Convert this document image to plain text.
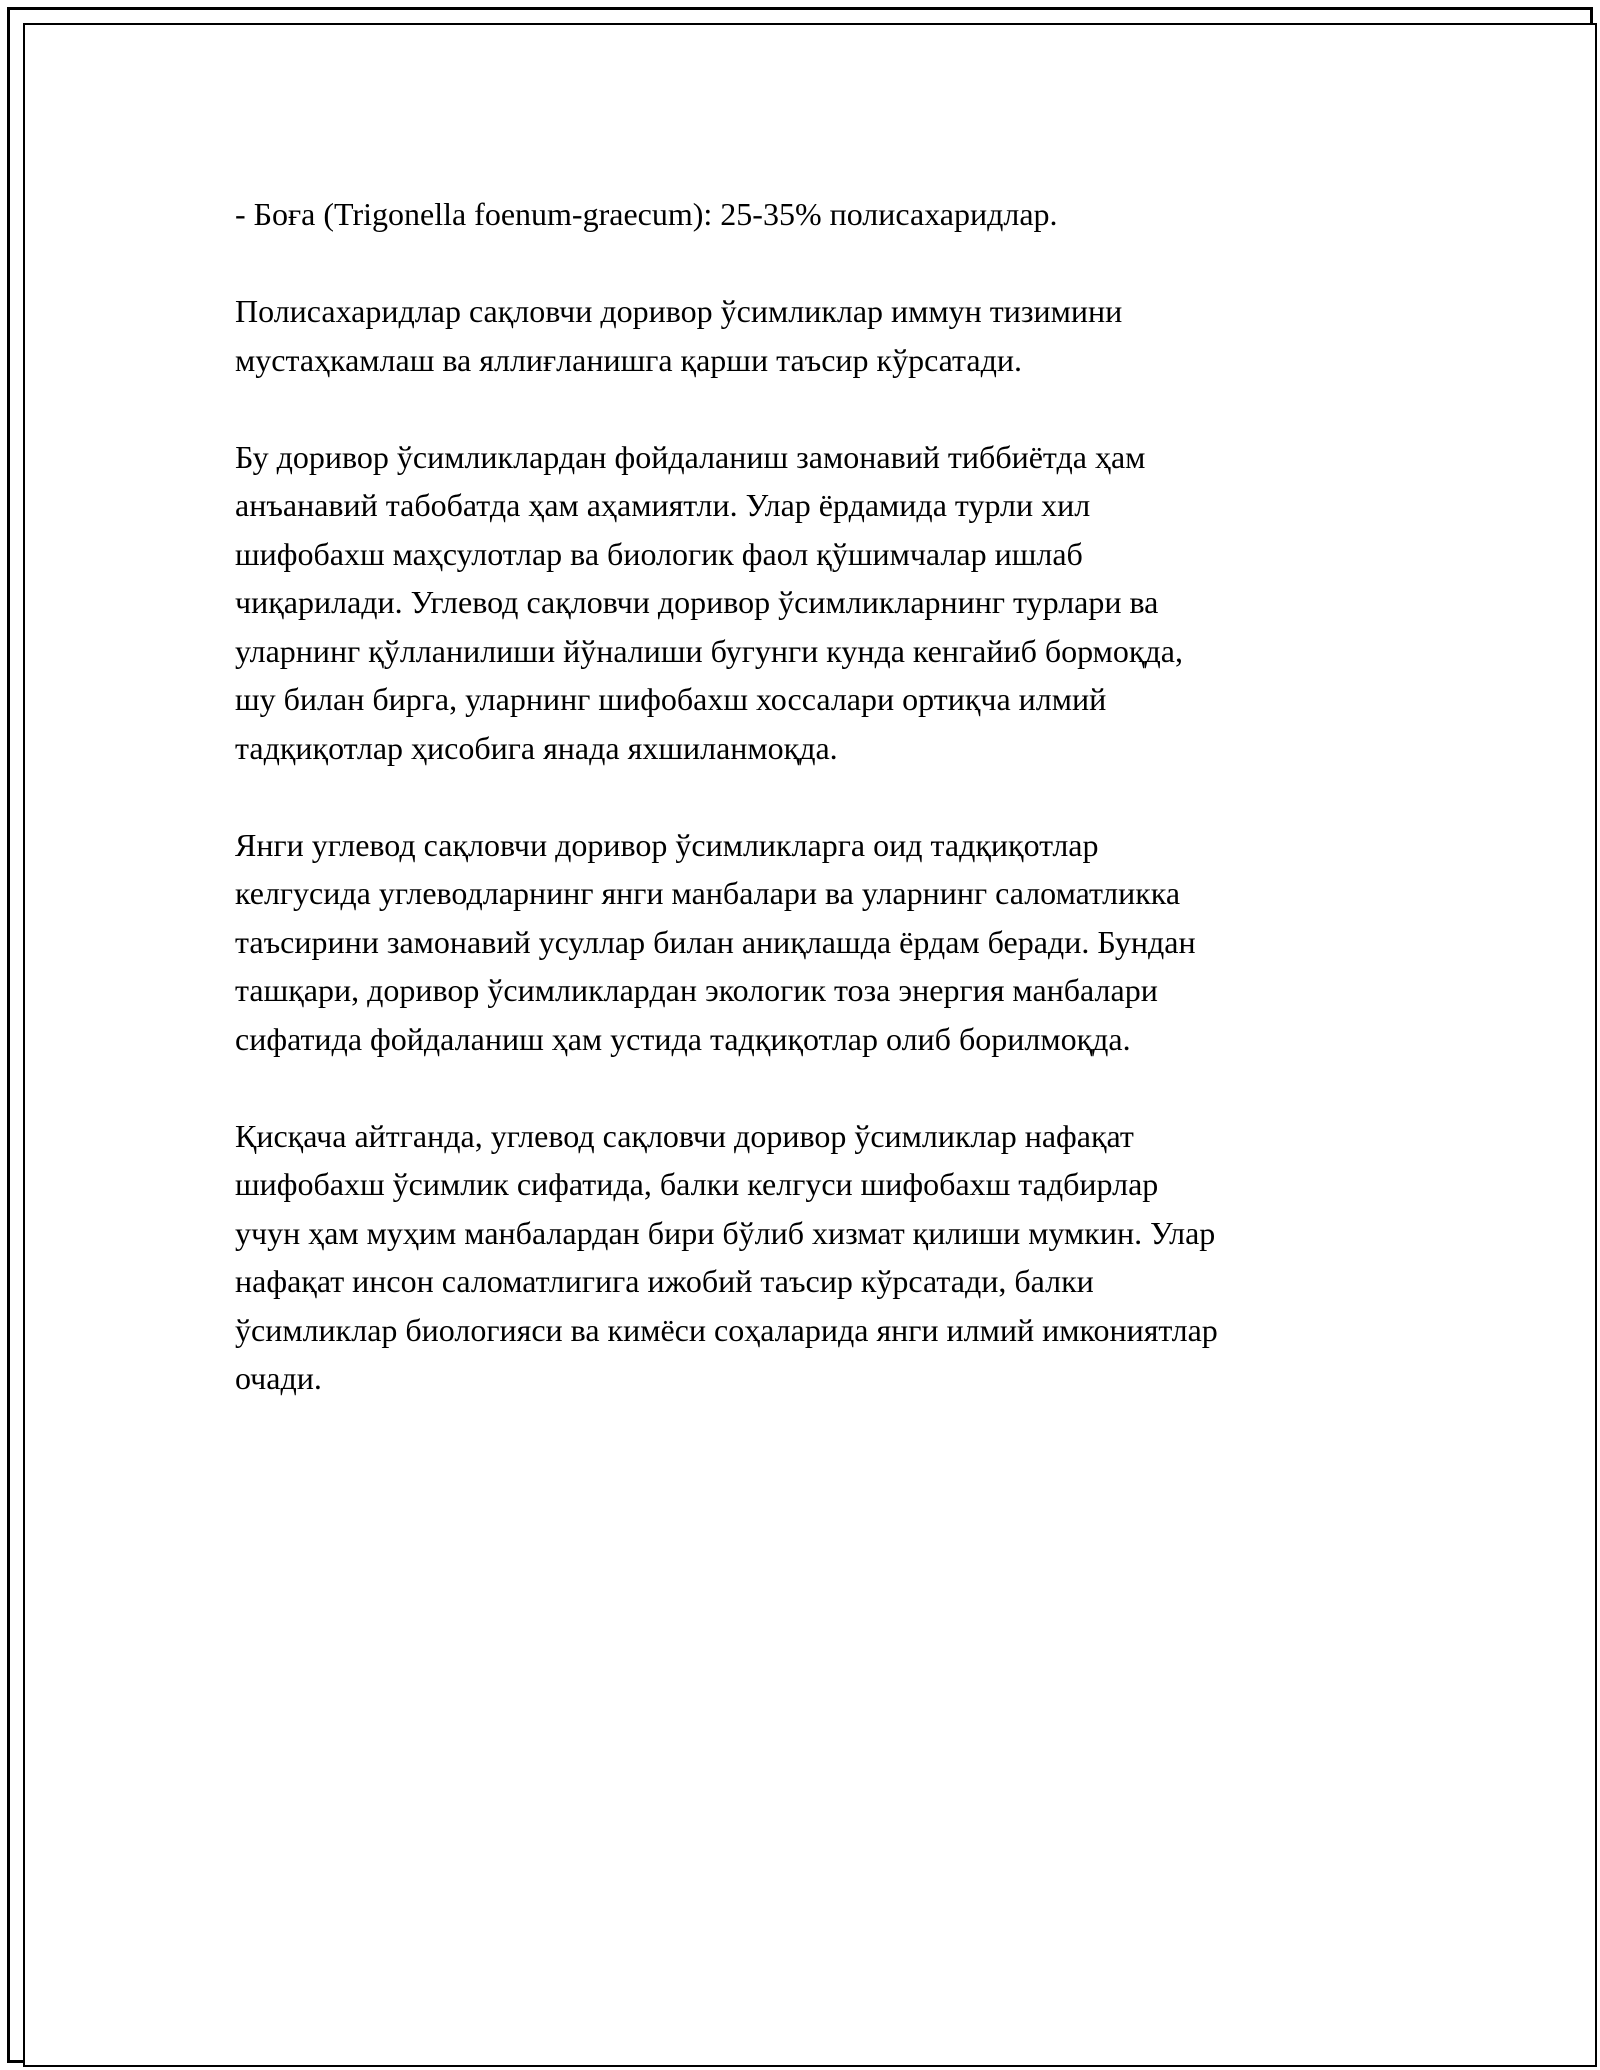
- Боға (Trigonella foenum-graecum): 25-35% полисахаридлар.

Полисахаридлар сақловчи доривор ўсимликлар иммун тизимини
мустаҳкамлаш ва яллиғланишга қарши таъсир кўрсатади.

Бу доривор ўсимликлардан фойдаланиш замонавий тиббиётда ҳам
анъанавий табобатда ҳам аҳамиятли. Улар ёрдамида турли хил
шифобахш маҳсулотлар ва биологик фаол қўшимчалар ишлаб
чиқарилади. Углевод сақловчи доривор ўсимликларнинг турлари ва
уларнинг қўлланилиши йўналиши бугунги кунда кенгайиб бормоқда,
шу билан бирга, уларнинг шифобахш хоссалари ортиқча илмий
тадқиқотлар ҳисобига янада яхшиланмоқда.

Янги углевод сақловчи доривор ўсимликларга оид тадқиқотлар
келгусида углеводларнинг янги манбалари ва уларнинг саломатликка
таъсирини замонавий усуллар билан аниқлашда ёрдам беради. Бундан
ташқари, доривор ўсимликлардан экологик тоза энергия манбалари
сифатида фойдаланиш ҳам устида тадқиқотлар олиб борилмоқда.

Қисқача айтганда, углевод сақловчи доривор ўсимликлар нафақат
шифобахш ўсимлик сифатида, балки келгуси шифобахш тадбирлар
учун ҳам муҳим манбалардан бири бўлиб хизмат қилиши мумкин. Улар
нафақат инсон саломатлигига ижобий таъсир кўрсатади, балки
ўсимликлар биологияси ва кимёси соҳаларида янги илмий имкониятлар
очади.
